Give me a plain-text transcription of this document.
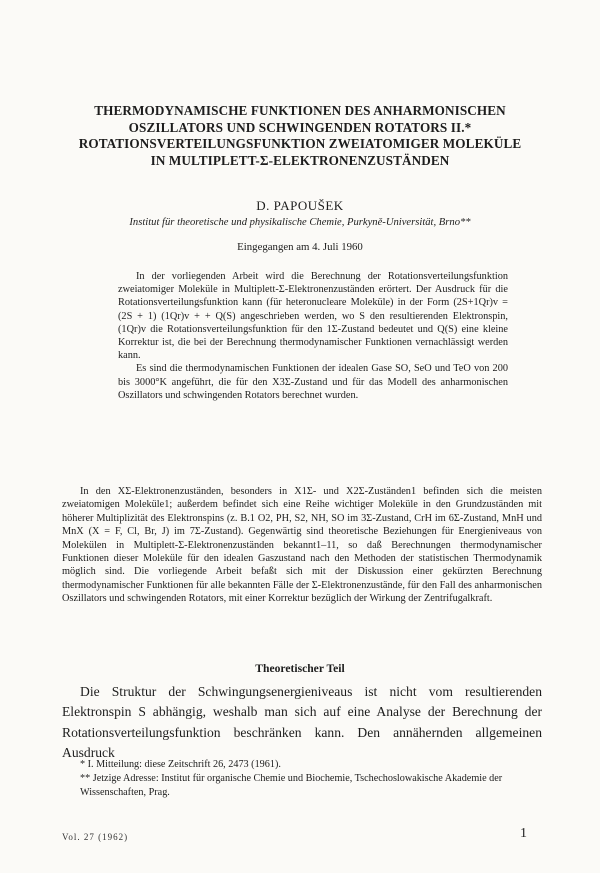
THERMODYNAMISCHE FUNKTIONEN DES ANHARMONISCHEN
OSZILLATORS UND SCHWINGENDEN ROTATORS II.*
ROTATIONSVERTEILUNGSFUNKTION ZWEIATOMIGER MOLEKÜLE
IN MULTIPLETT-Σ-ELEKTRONENZUSTÄNDEN
D. PAPOUŠEK
Institut für theoretische und physikalische Chemie, Purkyně-Universität, Brno**
Eingegangen am 4. Juli 1960

In der vorliegenden Arbeit wird die Berechnung der Rotationsverteilungsfunktion zweiatomiger Moleküle in Multiplett-Σ-Elektronenzuständen erörtert. Der Ausdruck für die Rotationsverteilungsfunktion kann (für heteronucleare Moleküle) in der Form (2S+1Qr)v = (2S + 1) (1Qr)v + + Q(S) angeschrieben werden, wo S den resultierenden Elektronspin, (1Qr)v die Rotationsverteilungsfunktion für den 1Σ-Zustand bedeutet und Q(S) eine kleine Korrektur ist, die bei der Berechnung thermodynamischer Funktionen vernachlässigt werden kann.

Es sind die thermodynamischen Funktionen der idealen Gase SO, SeO und TeO von 200 bis 3000°K angeführt, die für den X3Σ-Zustand und für das Modell des anharmonischen Oszillators und schwingenden Rotators berechnet wurden.

In den XΣ-Elektronenzuständen, besonders in X1Σ- und X2Σ-Zuständen1 befinden sich die meisten zweiatomigen Moleküle1; außerdem befindet sich eine Reihe wichtiger Moleküle in den Grundzuständen mit höherer Multiplizität des Elektronspins (z. B.1 O2, PH, S2, NH, SO im 3Σ-Zustand, CrH im 6Σ-Zustand, MnH und MnX (X = F, Cl, Br, J) im 7Σ-Zustand). Gegenwärtig sind theoretische Beziehungen für Energieniveaus von Molekülen in Multiplett-Σ-Elektronenzuständen bekannt1–11, so daß Berechnungen thermodynamischer Funktionen dieser Moleküle für den idealen Gaszustand nach den Methoden der statistischen Thermodynamik möglich sind. Die vorliegende Arbeit befaßt sich mit der Diskussion einer gekürzten Berechnung thermodynamischer Funktionen für alle bekannten Fälle der Σ-Elektronenzustände, für den Fall des anharmonischen Oszillators und schwingenden Rotators, mit einer Korrektur bezüglich der Wirkung der Zentrifugalkraft.

Theoretischer Teil

Die Struktur der Schwingungsenergieniveaus ist nicht vom resultierenden Elektronspin S abhängig, weshalb man sich auf eine Analyse der Berechnung der Rotationsverteilungsfunktion beschränken kann. Den annähernden allgemeinen Ausdruck

* I. Mitteilung: diese Zeitschrift 26, 2473 (1961).

** Jetzige Adresse: Institut für organische Chemie und Biochemie, Tschechoslowakische Akademie der Wissenschaften, Prag.

Vol. 27 (1962)	1
